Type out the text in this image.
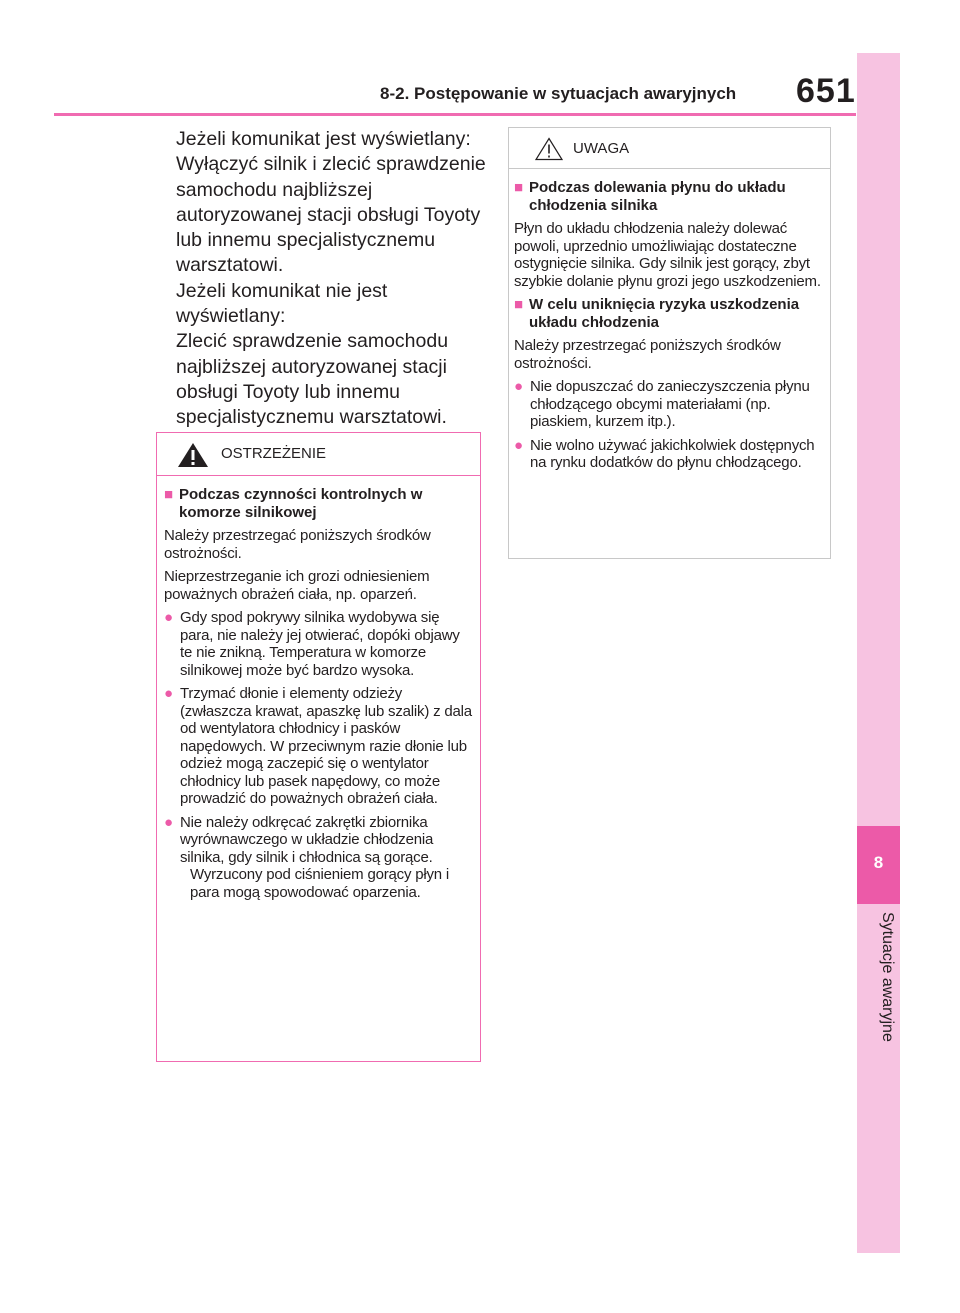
8-2. Postępowanie w sytuacjach awaryjnych 651
8
Sytuacje awaryjne

Jeżeli komunikat jest wyświetlany:

Wyłączyć silnik i zlecić sprawdzenie samochodu najbliższej autoryzowanej stacji obsługi Toyoty lub innemu specjalistycznemu warsztatowi.

Jeżeli komunikat nie jest wyświetlany:

Zlecić sprawdzenie samochodu najbliższej autoryzowanej stacji obsługi Toyoty lub innemu specjalistycznemu warsztatowi.

OSTRZEŻENIE
■ Podczas czynności kontrolnych w komorze silnikowej
Należy przestrzegać poniższych środków ostrożności.
Nieprzestrzeganie ich grozi odniesieniem poważnych obrażeń ciała, np. oparzeń.
● Gdy spod pokrywy silnika wydobywa się para, nie należy jej otwierać, dopóki objawy te nie znikną. Temperatura w komorze silnikowej może być bardzo wysoka.
● Trzymać dłonie i elementy odzieży (zwłaszcza krawat, apaszkę lub szalik) z dala od wentylatora chłodnicy i pasków napędowych. W przeciwnym razie dłonie lub odzież mogą zaczepić się o wentylator chłodnicy lub pasek napędowy, co może prowadzić do poważnych obrażeń ciała.
● Nie należy odkręcać zakrętki zbiornika wyrównawczego w układzie chłodzenia silnika, gdy silnik i chłodnica są gorące.
Wyrzucony pod ciśnieniem gorący płyn i para mogą spowodować oparzenia.
UWAGA
■ Podczas dolewania płynu do układu chłodzenia silnika
Płyn do układu chłodzenia należy dolewać powoli, uprzednio umożliwiając dostateczne ostygnięcie silnika. Gdy silnik jest gorący, zbyt szybkie dolanie płynu grozi jego uszkodzeniem.
■ W celu uniknięcia ryzyka uszkodzenia układu chłodzenia
Należy przestrzegać poniższych środków ostrożności.
● Nie dopuszczać do zanieczyszczenia płynu chłodzącego obcymi materiałami (np. piaskiem, kurzem itp.).
● Nie wolno używać jakichkolwiek dostępnych na rynku dodatków do płynu chłodzącego.
